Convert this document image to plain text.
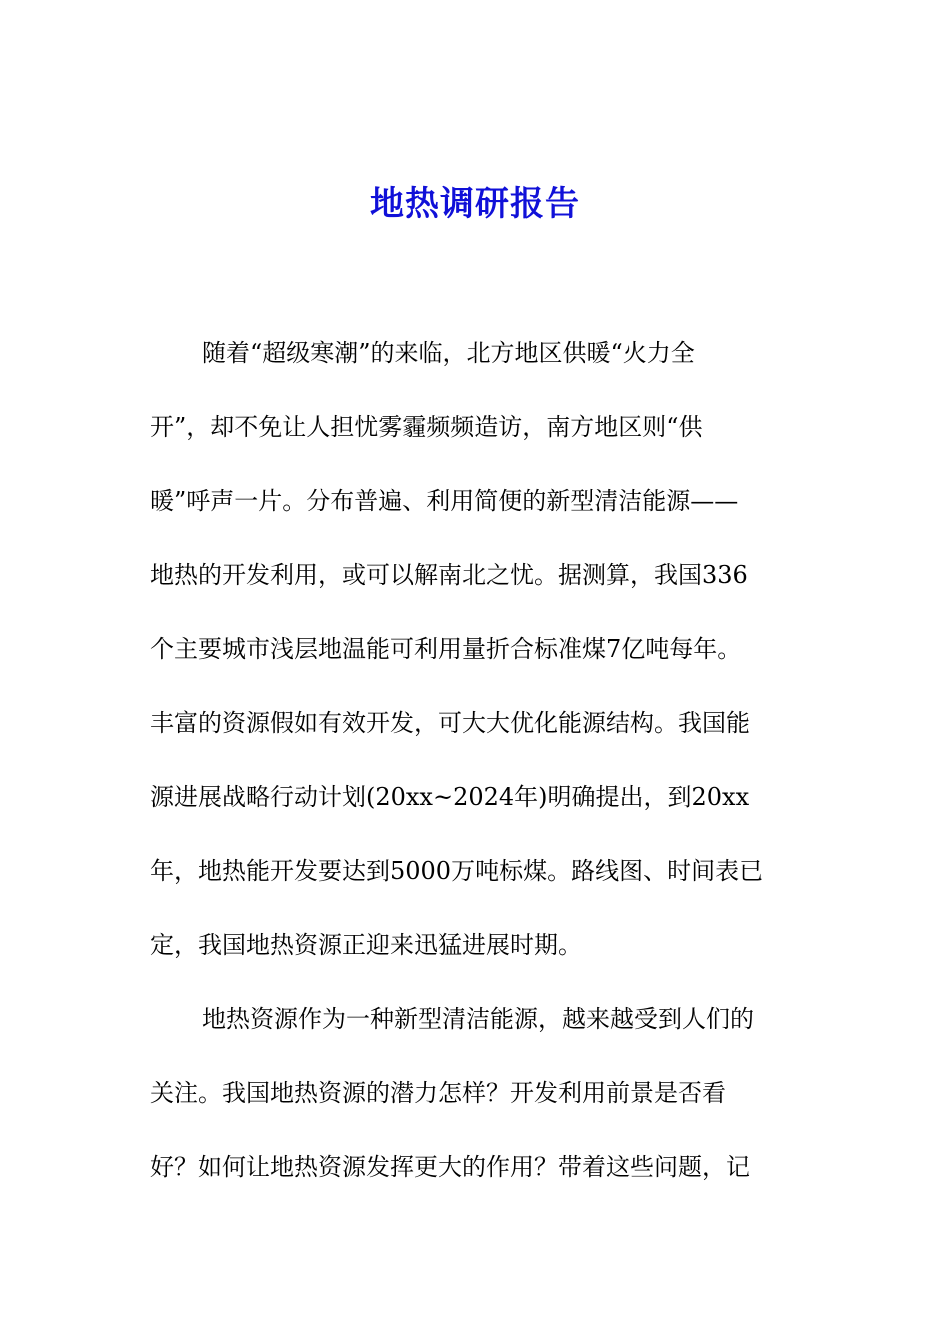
地热调研报告
随着“超级寒潮”的来临，北方地区供暖“火力全
开”，却不免让人担忧雾霾频频造访，南方地区则“供
暖”呼声一片。分布普遍、利用简便的新型清洁能源——
地热的开发利用，或可以解南北之忧。据测算，我国336
个主要城市浅层地温能可利用量折合标准煤7亿吨每年。
丰富的资源假如有效开发，可大大优化能源结构。我国能
源进展战略行动计划(20xx~2024年)明确提出，到20xx
年，地热能开发要达到5000万吨标煤。路线图、时间表已
定，我国地热资源正迎来迅猛进展时期。
地热资源作为一种新型清洁能源，越来越受到人们的
关注。我国地热资源的潜力怎样？开发利用前景是否看
好？如何让地热资源发挥更大的作用？带着这些问题，记
